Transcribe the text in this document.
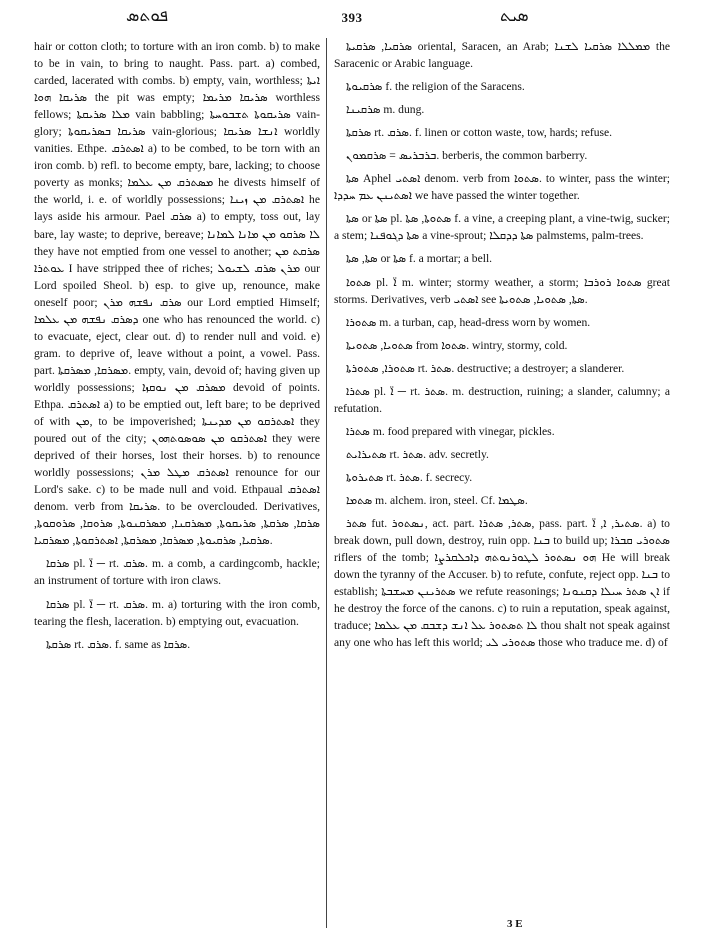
ܦܘܬܣ	393	ܣܝܬ

hair or cotton cloth; to torture with an iron comb. b) to make to be in vain, to bring to naught. Pass. part. a) combed, carded, lacerated with combs. b) empty, vain, worthless; ܐܝܬܐ ܣܪܝܩܐ ܗܘܐ the pit was empty; ܣܪܝܩܐ ܡܪܝܡܐ worthless fellows; ܡܠܐ ܣܪܝܩܬܐ vain babbling; ܣܪܝܩܘܬܐ ܬܫܒܘܚܬܐ vain-glory; ܣܪܝܩܐ ܒܣܪܝܩܘܬܐ vain-glorious; ܐܢܫܐ ܣܪܝܩܐ worldly vanities. Ethpe. ܐܣܬܪܩ a) to be combed, to be torn with an iron comb. b) refl. to become empty, bare, lacking; to choose poverty as monks; ܡܣܬܪܩ ܡܢ ܥܠܡܐ he divests himself of the world, i. e. of worldly possessions; ܐܣܬܪܩ ܡܢ ܙܝܢܐ he lays aside his armour. Pael ܣܪܩ a) to empty, toss out, lay bare, lay waste; to deprive, bereave; ܠܐ ܣܪܩܘ ܡܢ ܡܐܢܐ ܠܡܐܢܐ they have not emptied from one vessel to another; ܣܪܩܬ ܡܢ ܥܘܬܪܐ I have stripped thee of riches; ܡܪܢ ܣܪܩ ܠܫܝܘܠ our Lord spoiled Sheol. b) esp. to give up, renounce, make oneself poor; ܣܪܩ ܢܦܫܗ ܡܪܢ our Lord emptied Himself; ܕܣܪܩ ܢܦܫܗ ܡܢ ܥܠܡܐ one who has renounced the world. c) to evacuate, eject, clear out. d) to render null and void. e) gram. to deprive of, leave without a point, a vowel. Pass. part. ܡܣܪܩܐ, ܡܣܪܩܬܐ. empty, vain, devoid of; having given up worldly possessions; ܡܣܪܩ ܡܢ ܢܘܩܙܐ devoid of points. Ethpa. ܐܣܬܪܩ a) to be emptied out, left bare; to be deprived of with ܡܢ, to be impoverished; ܐܣܬܪܩܘ ܡܢ ܡܕܝܢܬܐ they poured out of the city; ܐܣܬܪܩܘ ܡܢ ܣܘܣܘܬܗܘܢ they were deprived of their horses, lost their horses. b) to renounce worldly possessions; ܐܣܬܪܩ ܡܛܠ ܡܪܢ renounce for our Lord's sake. c) to be made null and void. Ethpaual ܐܣܬܪܩ denom. verb from ܣܪܝܩܐ. to be overclouded. Derivatives, ܣܪܩܐ, ܣܪܩܬܐ, ܣܪܝܩܘܬܐ, ܡܣܪܩܢܐ, ܡܣܪܩܢܘܬܐ, ܣܪܘܩܐ, ܣܪܘܩܘܬܐ, ܣܪܩܝܐ, ܣܪܩܝܘܬܐ, ܡܣܪܩܐ, ܡܣܪܩܬܐ, ܐܣܬܪܩܘܬܐ, ܡܣܪܩܝܐ.

ܣܪܩܐ pl. ܐ̈ ─ rt. ܣܪܩ. m. a comb, a cardingcomb, hackle; an instrument of torture with iron claws.

ܣܪܩܐ pl. ܐ̈ ─ rt. ܣܪܩ. m. a) torturing with the iron comb, tearing the flesh, laceration. b) emptying out, evacuation.

ܣܪܩܬܐ rt. ܣܪܩ. f. same as ܣܪܩܐ.

ܣܪܩܝܐ, ܣܪܩܝܬܐ oriental, Saracen, an Arab; ܡܡܠܠܐ ܣܪܩܝܐ ܠܫܢܐ the Saracenic or Arabic language.

ܣܪܩܝܘܬܐ f. the religion of the Saracens.

ܣܪܩܝܢܐ m. dung.

ܣܪܩܬܐ rt. ܣܪܩ. f. linen or cotton waste, tow, hards; refuse.

ܒܪܒܪܝܣ = ܣܪܩܡܘܢ. berberis, the common barberry.

ܣܬܐ Aphel ܐܣܬܝ denom. verb from ܣܬܘܐ. to winter, pass the winter; ܐܣܬܝܢܢ ܥܡ ܚܕܕܐ we have passed the winter together.

ܣܬܐ or ܣܬܐ pl. ܣܬܘܬܐ, ܣܬܐ f. a vine, a creeping plant, a vine-twig, sucker; a stem; ܣܬܐ ܕܓܘܦܢܐ a vine-sprout; ܣܬܐ ܕܕܩܠܐ palmstems, palm-trees.

ܣܬܐ, ܣܬܐ or ܣܬܐ f. a mortar; a bell.

ܣܬܘܐ pl. ܐ̈ m. winter; stormy weather, a storm; ܣܬܘܐ ܪܘܪܒܐ great storms. Derivatives, verb ܐܣܬܝ see ܣܬܐ, ܣܬܘܝܐ, ܣܬܘܝܬܐ.

ܣܬܘܪܐ m. a turban, cap, head-dress worn by women.

ܣܬܘܝܐ, ܣܬܘܝܬܐ from ܣܬܘܐ. wintry, stormy, cold.

ܣܬܘܪܐ, ܣܬܘܪܬܐ rt. ܣܬܪ. destructive; a destroyer; a slanderer.

ܣܬܪܐ pl. ܐ̈ ─ rt. ܣܬܪ. m. destruction, ruining; a slander, calumny; a refutation.

ܣܬܪܐ m. food prepared with vinegar, pickles.

ܣܬܝܪܐܝܬ rt. ܣܬܪ. adv. secretly.

ܣܬܝܪܘܬܐ rt. ܣܬܪ. f. secrecy.

ܣܬܡܐ m. alchem. iron, steel. Cf. ܣܛܡܐ.

ܣܬܪ fut. ܢܣܬܘܪ, act. part. ܣܬܪ, ܣܬܪܐ, pass. part. ܣܬܝܪ, ܐ, ܐ̈. a) to break down, pull down, destroy, ruin opp. ܒܢܐ to build up; ܣܬܘܪܝ ܩܒܪܐ riflers of the tomb; ܗܘ ܢܣܬܘܪ ܠܛܘܪܢܘܬܗ ܕܐܟܠܩܪܨܐ He will break down the tyranny of the Accuser. b) to refute, confute, reject opp. ܒܢܐ to establish; ܣܬܪܝܢܢ ܡܚܫܒܬܐ we refute reasonings; ܐܢ ܣܬܪ ܚܝܠܐ ܕܩܢܘܢܐ if he destroy the force of the canons. c) to ruin a reputation, speak against, traduce; ܠܐ ܬܣܬܘܪ ܥܠ ܐܢܫ ܕܫܒܩ ܡܢ ܥܠܡܐ thou shalt not speak against any one who has left this world; ܣܬܘܪܝ ܠܝ those who traduce me. d) of

3 E
